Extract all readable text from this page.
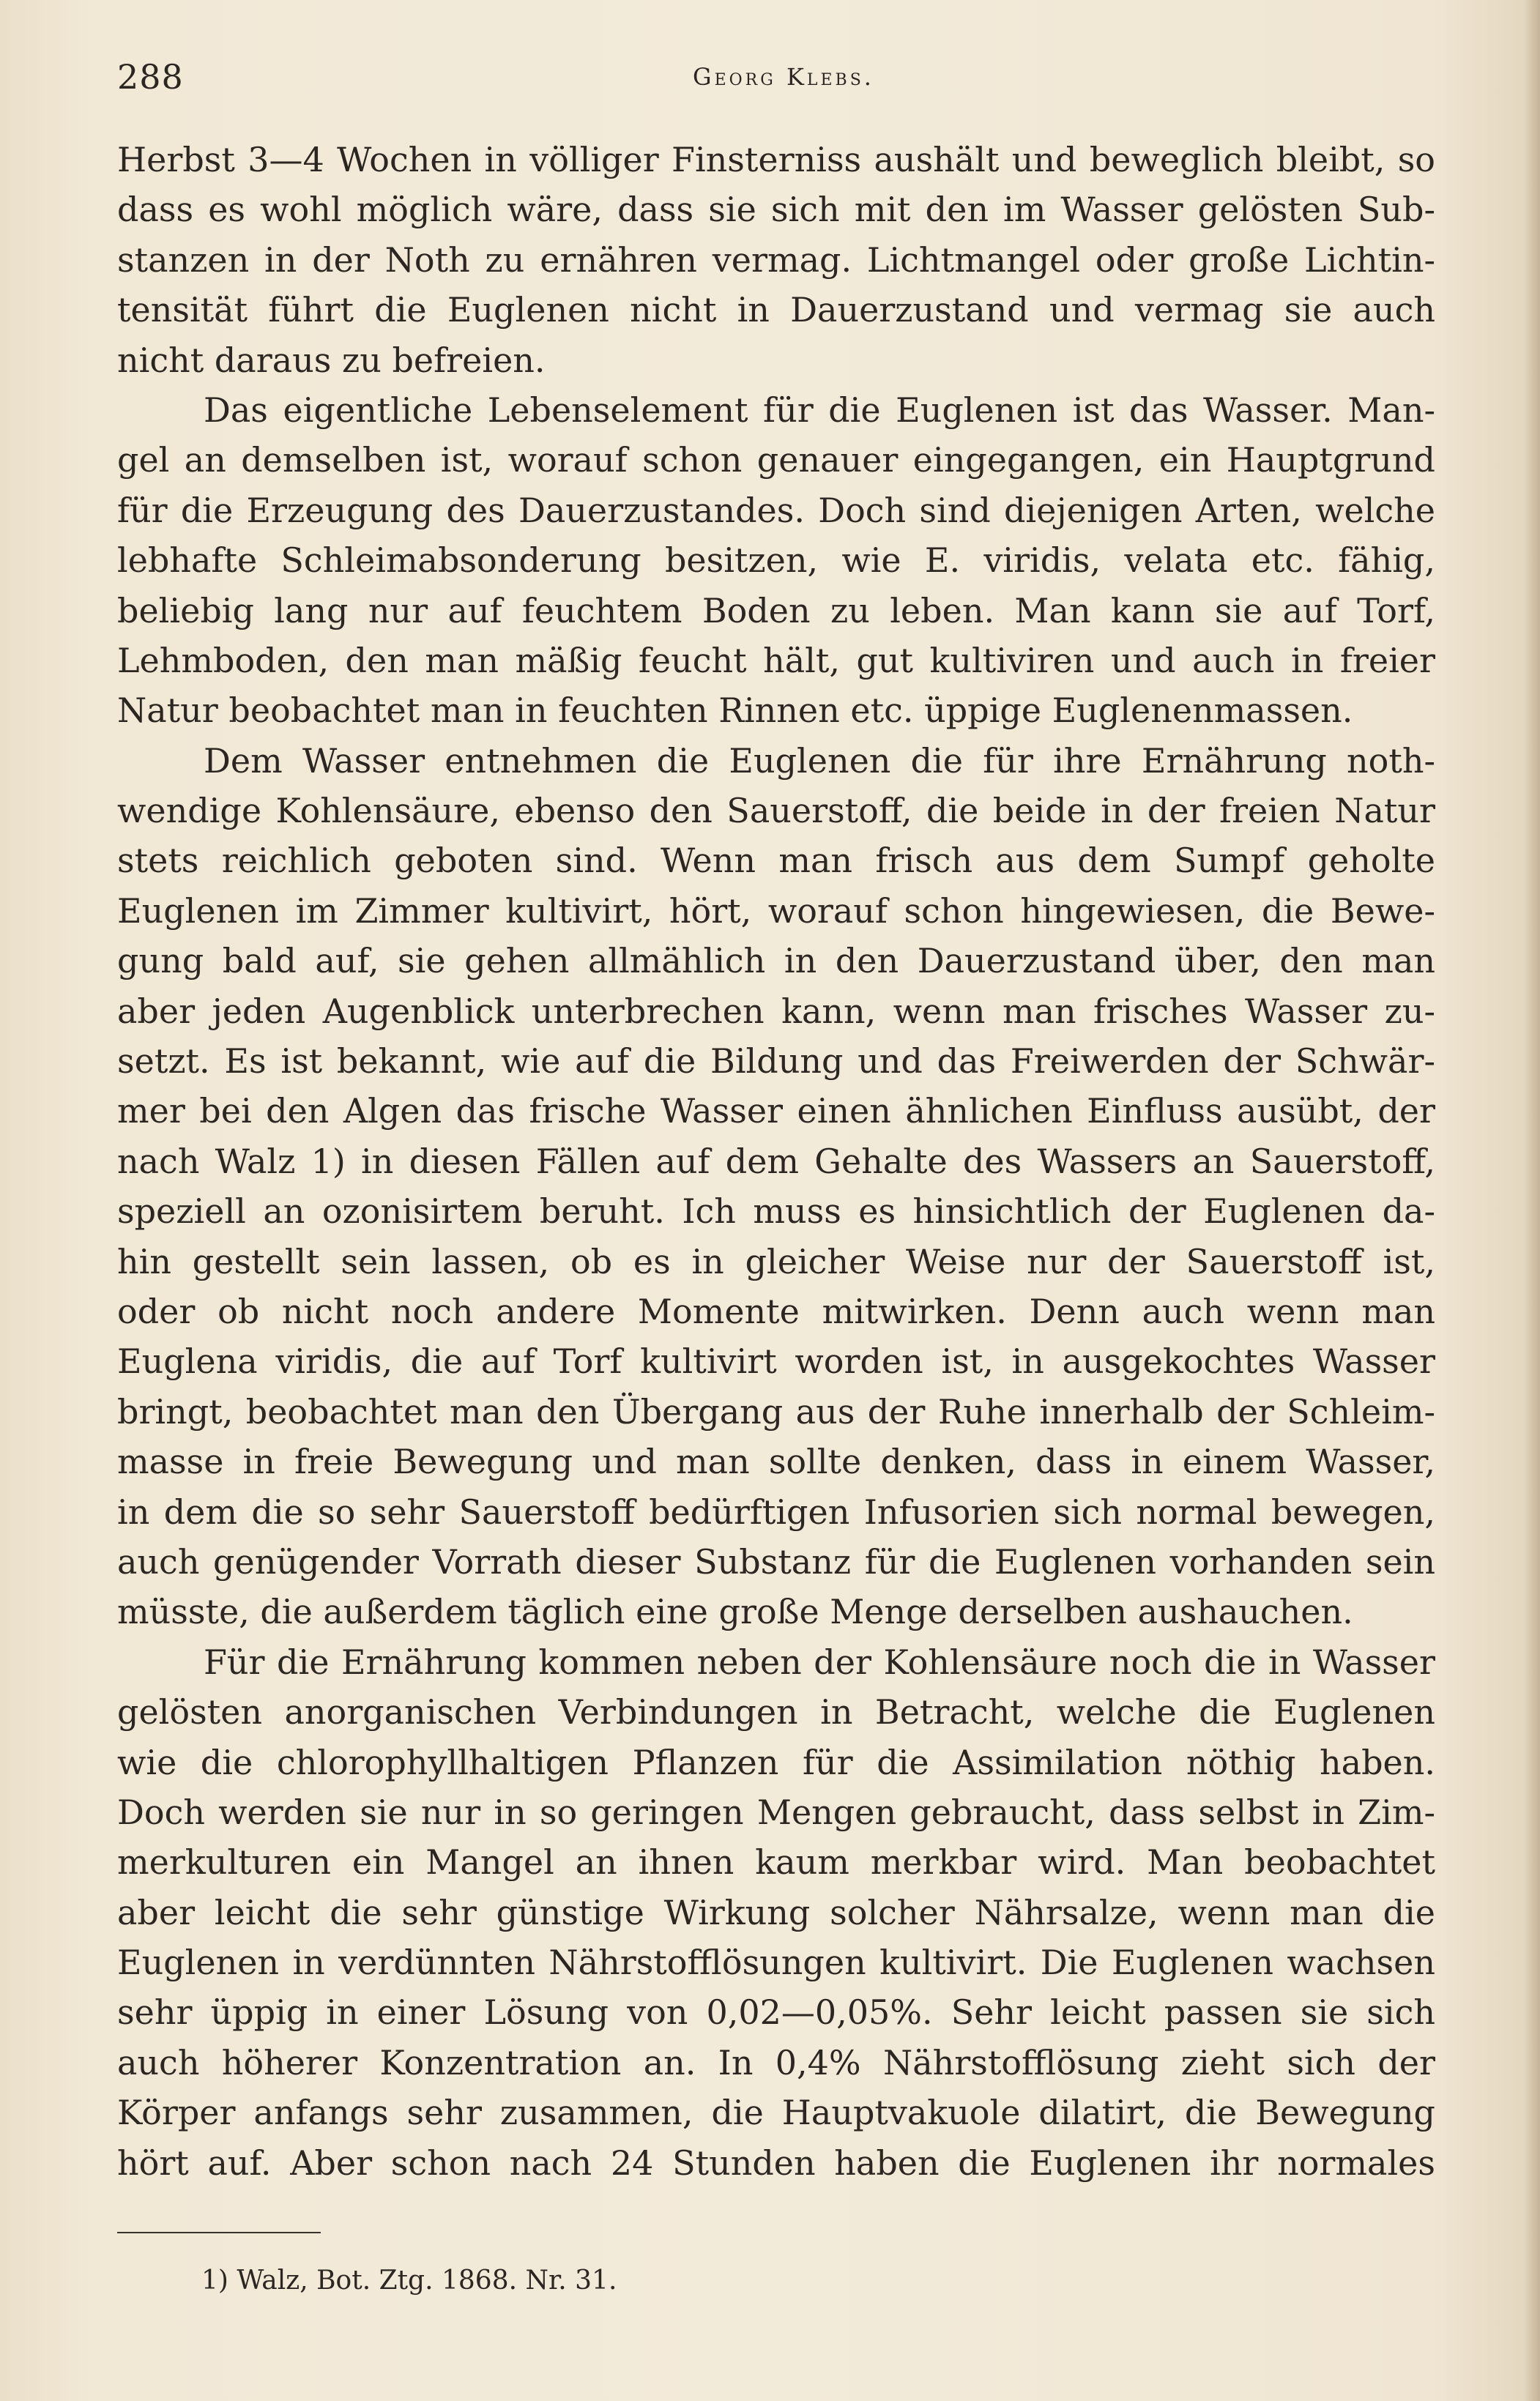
288	Georg Klebs.
Herbst 3—4 Wochen in völliger Finsterniss aushält und beweglich bleibt, so
dass es wohl möglich wäre, dass sie sich mit den im Wasser gelösten Sub-
stanzen in der Noth zu ernähren vermag. Lichtmangel oder große Lichtin-
tensität führt die Euglenen nicht in Dauerzustand und vermag sie auch
nicht daraus zu befreien.
Das eigentliche Lebenselement für die Euglenen ist das Wasser. Man-
gel an demselben ist, worauf schon genauer eingegangen, ein Hauptgrund
für die Erzeugung des Dauerzustandes. Doch sind diejenigen Arten, welche
lebhafte Schleimabsonderung besitzen, wie E. viridis, velata etc. fähig,
beliebig lang nur auf feuchtem Boden zu leben. Man kann sie auf Torf,
Lehmboden, den man mäßig feucht hält, gut kultiviren und auch in freier
Natur beobachtet man in feuchten Rinnen etc. üppige Euglenenmassen.
Dem Wasser entnehmen die Euglenen die für ihre Ernährung noth-
wendige Kohlensäure, ebenso den Sauerstoff, die beide in der freien Natur
stets reichlich geboten sind. Wenn man frisch aus dem Sumpf geholte
Euglenen im Zimmer kultivirt, hört, worauf schon hingewiesen, die Bewe-
gung bald auf, sie gehen allmählich in den Dauerzustand über, den man
aber jeden Augenblick unterbrechen kann, wenn man frisches Wasser zu-
setzt. Es ist bekannt, wie auf die Bildung und das Freiwerden der Schwär-
mer bei den Algen das frische Wasser einen ähnlichen Einfluss ausübt, der
nach Walz 1) in diesen Fällen auf dem Gehalte des Wassers an Sauerstoff,
speziell an ozonisirtem beruht. Ich muss es hinsichtlich der Euglenen da-
hin gestellt sein lassen, ob es in gleicher Weise nur der Sauerstoff ist,
oder ob nicht noch andere Momente mitwirken. Denn auch wenn man
Euglena viridis, die auf Torf kultivirt worden ist, in ausgekochtes Wasser
bringt, beobachtet man den Übergang aus der Ruhe innerhalb der Schleim-
masse in freie Bewegung und man sollte denken, dass in einem Wasser,
in dem die so sehr Sauerstoff bedürftigen Infusorien sich normal bewegen,
auch genügender Vorrath dieser Substanz für die Euglenen vorhanden sein
müsste, die außerdem täglich eine große Menge derselben aushauchen.
Für die Ernährung kommen neben der Kohlensäure noch die in Wasser
gelösten anorganischen Verbindungen in Betracht, welche die Euglenen
wie die chlorophyllhaltigen Pflanzen für die Assimilation nöthig haben.
Doch werden sie nur in so geringen Mengen gebraucht, dass selbst in Zim-
merkulturen ein Mangel an ihnen kaum merkbar wird. Man beobachtet
aber leicht die sehr günstige Wirkung solcher Nährsalze, wenn man die
Euglenen in verdünnten Nährstofflösungen kultivirt. Die Euglenen wachsen
sehr üppig in einer Lösung von 0,02—0,05%. Sehr leicht passen sie sich
auch höherer Konzentration an. In 0,4% Nährstofflösung zieht sich der
Körper anfangs sehr zusammen, die Hauptvakuole dilatirt, die Bewegung
hört auf. Aber schon nach 24 Stunden haben die Euglenen ihr normales
1) Walz, Bot. Ztg. 1868. Nr. 31.
